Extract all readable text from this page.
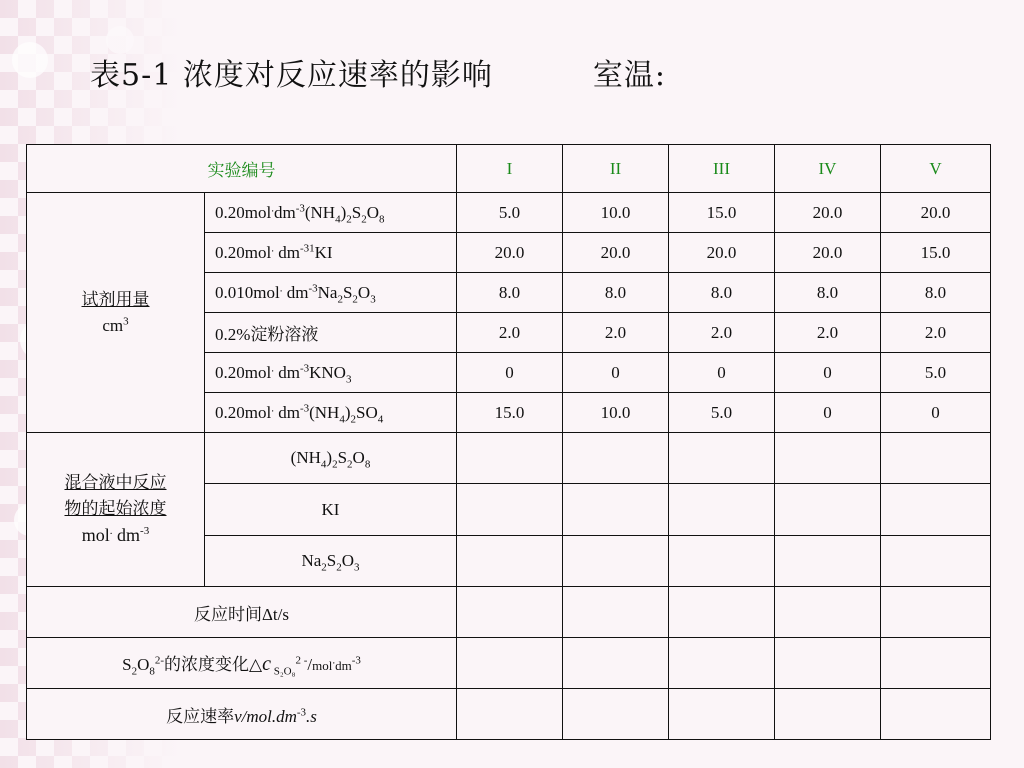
表5-1 浓度对反应速率的影响	室温:
实验编号		I	II	III	IV	V
试剂用量
$cm^3$	$0.20mol^.dm^{-3}(NH_4)_2S_2O_8$	5.0	10.0	15.0	20.0	20.0
	0.20mol. $dm^{-31}KI$	20.0	20.0	20.0	20.0	15.0
	0.010mol. $dm^{-3}Na_2S_2O_3$	8.0	8.0	8.0	8.0	8.0
	0.2%淀粉溶液	2.0	2.0	2.0	2.0	2.0
	0.20mol. $dm^{-3}KNO_3$	0	0	0	0	5.0
	0.20mol. $dm^{-3}(NH_4)_2SO_4$	15.0	10.0	5.0	0	0
混合液中反应
物的起始浓度
mol. $dm^{-3}$	$(NH_4)_2S_2O_8$					
	KI					
	$Na_2S_2O_3$					
反应时间Δt/s						
$S_2O_8^{2-}$的浓度变化△c $_{S_2O_8}^{2 -}/mol^.dm^{-3}$					
反应速率$v/mol.dm^{-3}.s$						
